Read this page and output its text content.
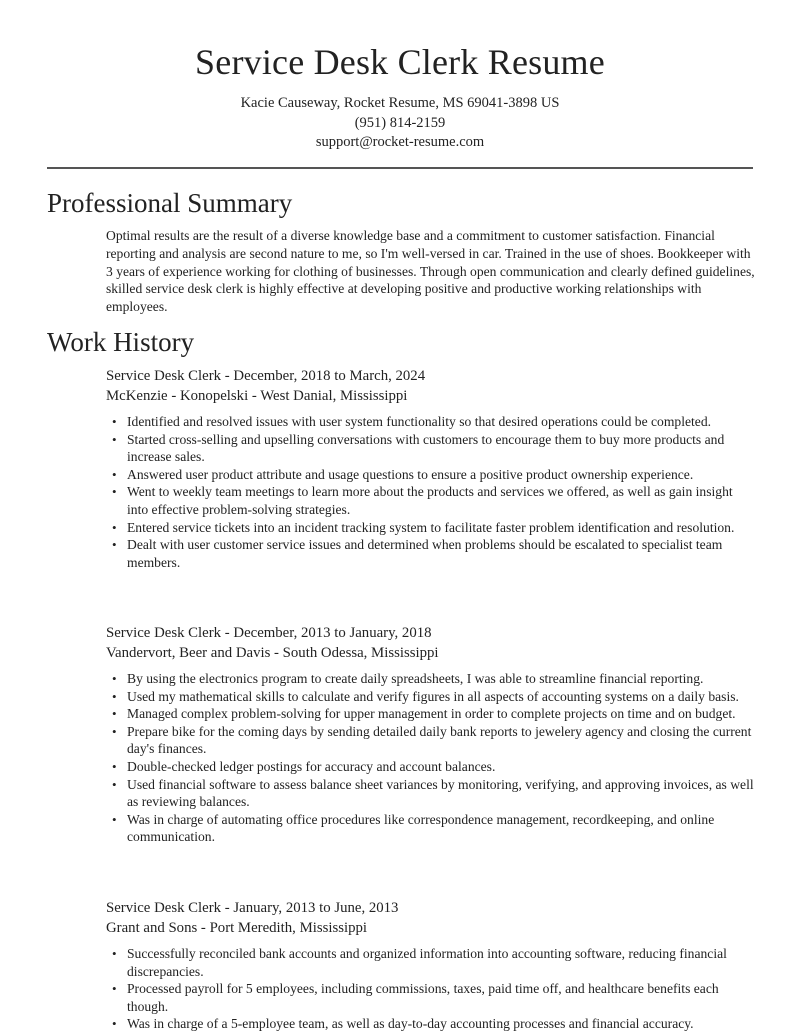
Service Desk Clerk Resume
Kacie Causeway, Rocket Resume, MS 69041-3898 US
(951) 814-2159
support@rocket-resume.com
Professional Summary

Optimal results are the result of a diverse knowledge base and a commitment to customer satisfaction. Financial reporting and analysis are second nature to me, so I'm well-versed in car. Trained in the use of shoes. Bookkeeper with 3 years of experience working for clothing of businesses. Through open communication and clearly defined guidelines, skilled service desk clerk is highly effective at developing positive and productive working relationships with employees.

Work History
Service Desk Clerk - December, 2018 to March, 2024
McKenzie - Konopelski - West Danial, Mississippi
• Identified and resolved issues with user system functionality so that desired operations could be completed.
• Started cross-selling and upselling conversations with customers to encourage them to buy more products and increase sales.
• Answered user product attribute and usage questions to ensure a positive product ownership experience.
• Went to weekly team meetings to learn more about the products and services we offered, as well as gain insight into effective problem-solving strategies.
• Entered service tickets into an incident tracking system to facilitate faster problem identification and resolution.
• Dealt with user customer service issues and determined when problems should be escalated to specialist team members.
Service Desk Clerk - December, 2013 to January, 2018
Vandervort, Beer and Davis - South Odessa, Mississippi
• By using the electronics program to create daily spreadsheets, I was able to streamline financial reporting.
• Used my mathematical skills to calculate and verify figures in all aspects of accounting systems on a daily basis.
• Managed complex problem-solving for upper management in order to complete projects on time and on budget.
• Prepare bike for the coming days by sending detailed daily bank reports to jewelery agency and closing the current day's finances.
• Double-checked ledger postings for accuracy and account balances.
• Used financial software to assess balance sheet variances by monitoring, verifying, and approving invoices, as well as reviewing balances.
• Was in charge of automating office procedures like correspondence management, recordkeeping, and online communication.
Service Desk Clerk - January, 2013 to June, 2013
Grant and Sons - Port Meredith, Mississippi
• Successfully reconciled bank accounts and organized information into accounting software, reducing financial discrepancies.
• Processed payroll for 5 employees, including commissions, taxes, paid time off, and healthcare benefits each though.
• Was in charge of a 5-employee team, as well as day-to-day accounting processes and financial accuracy.
